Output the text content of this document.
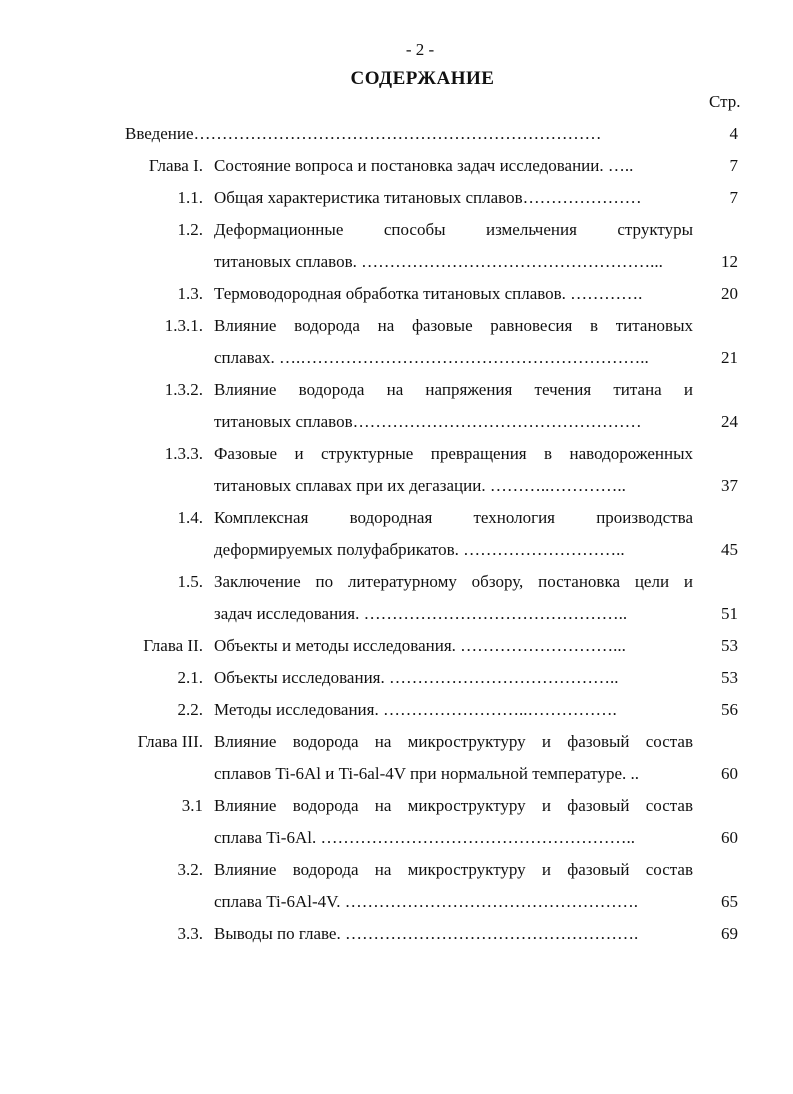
- 2 -
СОДЕРЖАНИЕ
Стр.
Введение………………………………………………………………	4
Глава I. Состояние вопроса и постановка задач исследовании. …..	7
1.1. Общая характеристика титановых сплавов…………………	7
1.2. Деформационные способы измельчения структуры
титановых сплавов. ……………………………………………...	12
1.3. Термоводородная обработка титановых сплавов. ………….	20
1.3.1. Влияние водорода на фазовые равновесия в титановых
сплавах. ….……………………………………………………..	21
1.3.2. Влияние водорода на напряжения течения титана и
титановых сплавов……………………………………………	24
1.3.3. Фазовые и структурные превращения в наводороженных
титановых сплавах при их дегазации. ………..…………..	37
1.4. Комплексная водородная технология производства
деформируемых полуфабрикатов. ………………………..	45
1.5. Заключение по литературному обзору, постановка цели и
задач исследования. ………………………………………..	51
Глава II. Объекты и методы исследования. ………………………...	53
2.1. Объекты исследования. …………………………………..	53
2.2. Методы исследования. ……………………..…………….	56
Глава III. Влияние водорода на микроструктуру и фазовый состав
сплавов Ti-6Al и Ti-6al-4V при нормальной температуре. ..	60
3.1 Влияние водорода на микроструктуру и фазовый состав
сплава Ti-6Al. ………………………………………………..	60
3.2. Влияние водорода на микроструктуру и фазовый состав
сплава Ti-6Al-4V. …………………………………………….	65
3.3. Выводы по главе. …………………………………………….	69
